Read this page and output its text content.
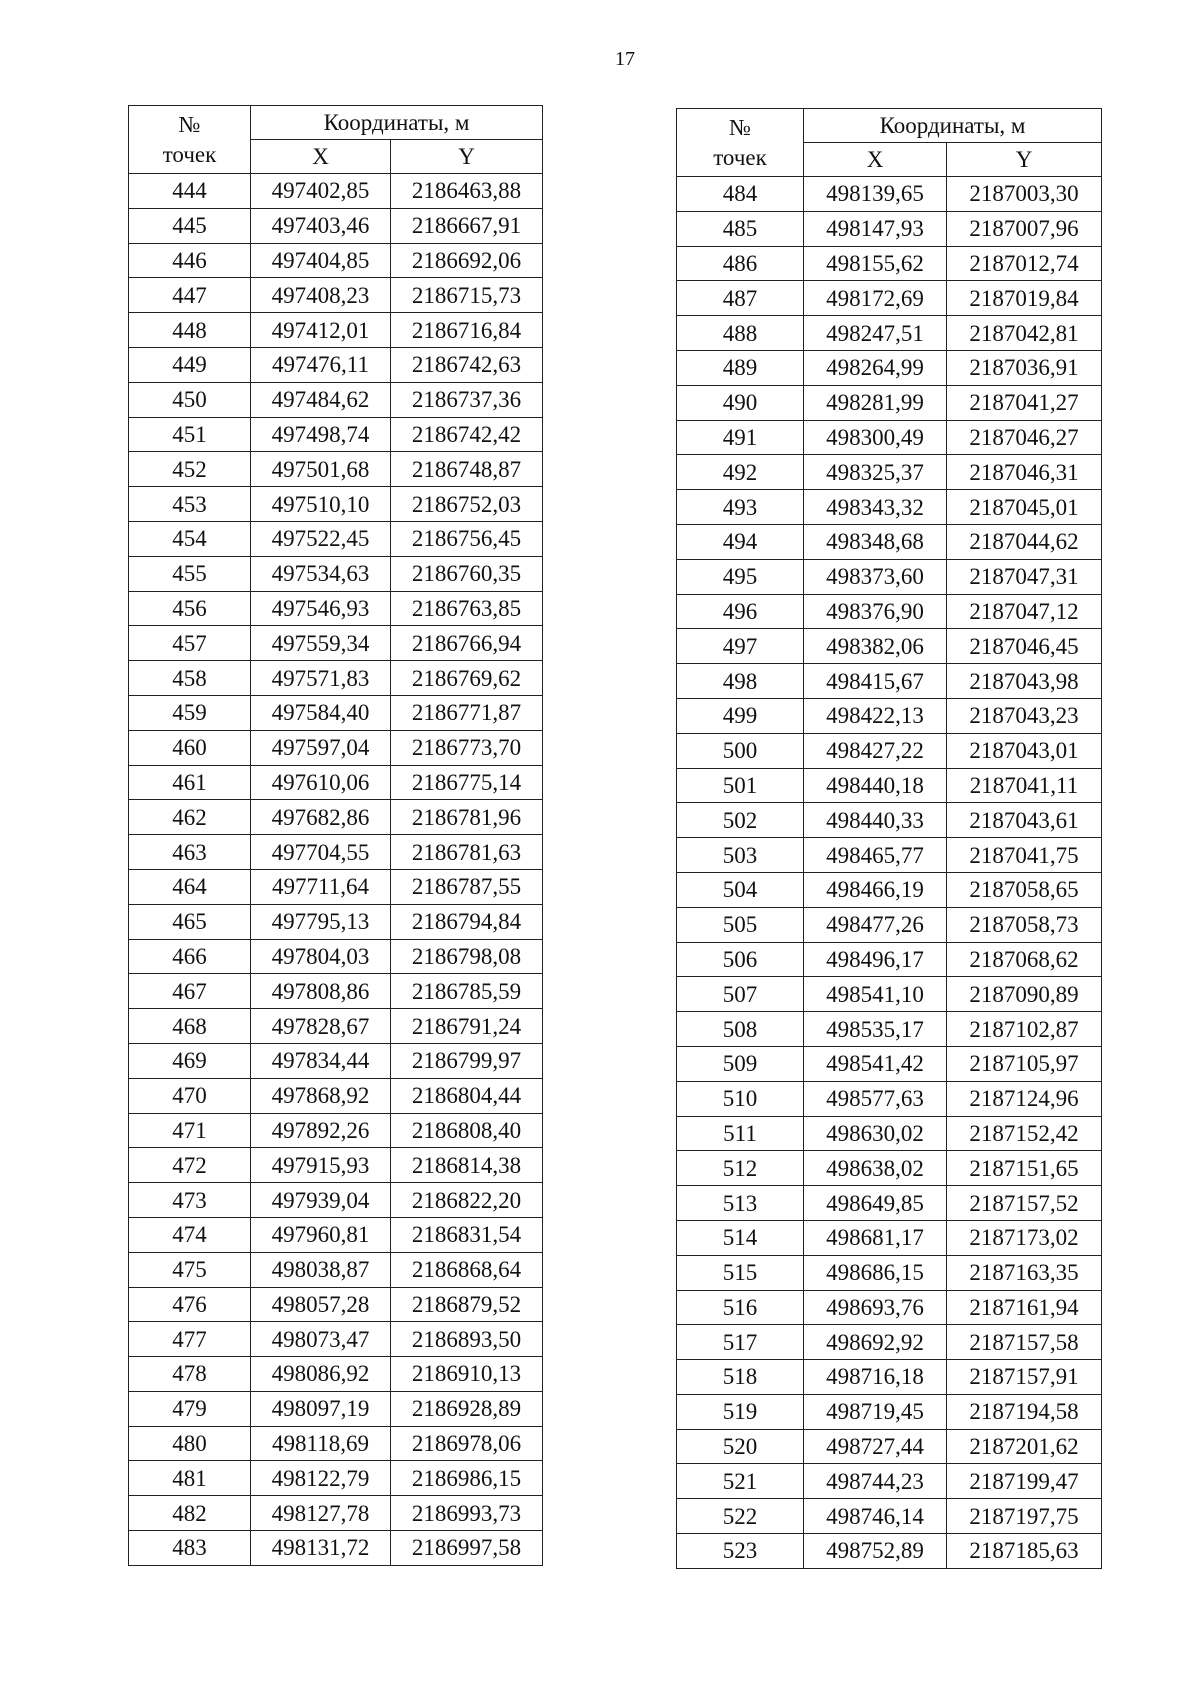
17
№
точек	Координаты, м	
	X	Y
444	497402,85	2186463,88
445	497403,46	2186667,91
446	497404,85	2186692,06
447	497408,23	2186715,73
448	497412,01	2186716,84
449	497476,11	2186742,63
450	497484,62	2186737,36
451	497498,74	2186742,42
452	497501,68	2186748,87
453	497510,10	2186752,03
454	497522,45	2186756,45
455	497534,63	2186760,35
456	497546,93	2186763,85
457	497559,34	2186766,94
458	497571,83	2186769,62
459	497584,40	2186771,87
460	497597,04	2186773,70
461	497610,06	2186775,14
462	497682,86	2186781,96
463	497704,55	2186781,63
464	497711,64	2186787,55
465	497795,13	2186794,84
466	497804,03	2186798,08
467	497808,86	2186785,59
468	497828,67	2186791,24
469	497834,44	2186799,97
470	497868,92	2186804,44
471	497892,26	2186808,40
472	497915,93	2186814,38
473	497939,04	2186822,20
474	497960,81	2186831,54
475	498038,87	2186868,64
476	498057,28	2186879,52
477	498073,47	2186893,50
478	498086,92	2186910,13
479	498097,19	2186928,89
480	498118,69	2186978,06
481	498122,79	2186986,15
482	498127,78	2186993,73
483	498131,72	2186997,58
№
точек	Координаты, м	
	X	Y
484	498139,65	2187003,30
485	498147,93	2187007,96
486	498155,62	2187012,74
487	498172,69	2187019,84
488	498247,51	2187042,81
489	498264,99	2187036,91
490	498281,99	2187041,27
491	498300,49	2187046,27
492	498325,37	2187046,31
493	498343,32	2187045,01
494	498348,68	2187044,62
495	498373,60	2187047,31
496	498376,90	2187047,12
497	498382,06	2187046,45
498	498415,67	2187043,98
499	498422,13	2187043,23
500	498427,22	2187043,01
501	498440,18	2187041,11
502	498440,33	2187043,61
503	498465,77	2187041,75
504	498466,19	2187058,65
505	498477,26	2187058,73
506	498496,17	2187068,62
507	498541,10	2187090,89
508	498535,17	2187102,87
509	498541,42	2187105,97
510	498577,63	2187124,96
511	498630,02	2187152,42
512	498638,02	2187151,65
513	498649,85	2187157,52
514	498681,17	2187173,02
515	498686,15	2187163,35
516	498693,76	2187161,94
517	498692,92	2187157,58
518	498716,18	2187157,91
519	498719,45	2187194,58
520	498727,44	2187201,62
521	498744,23	2187199,47
522	498746,14	2187197,75
523	498752,89	2187185,63
